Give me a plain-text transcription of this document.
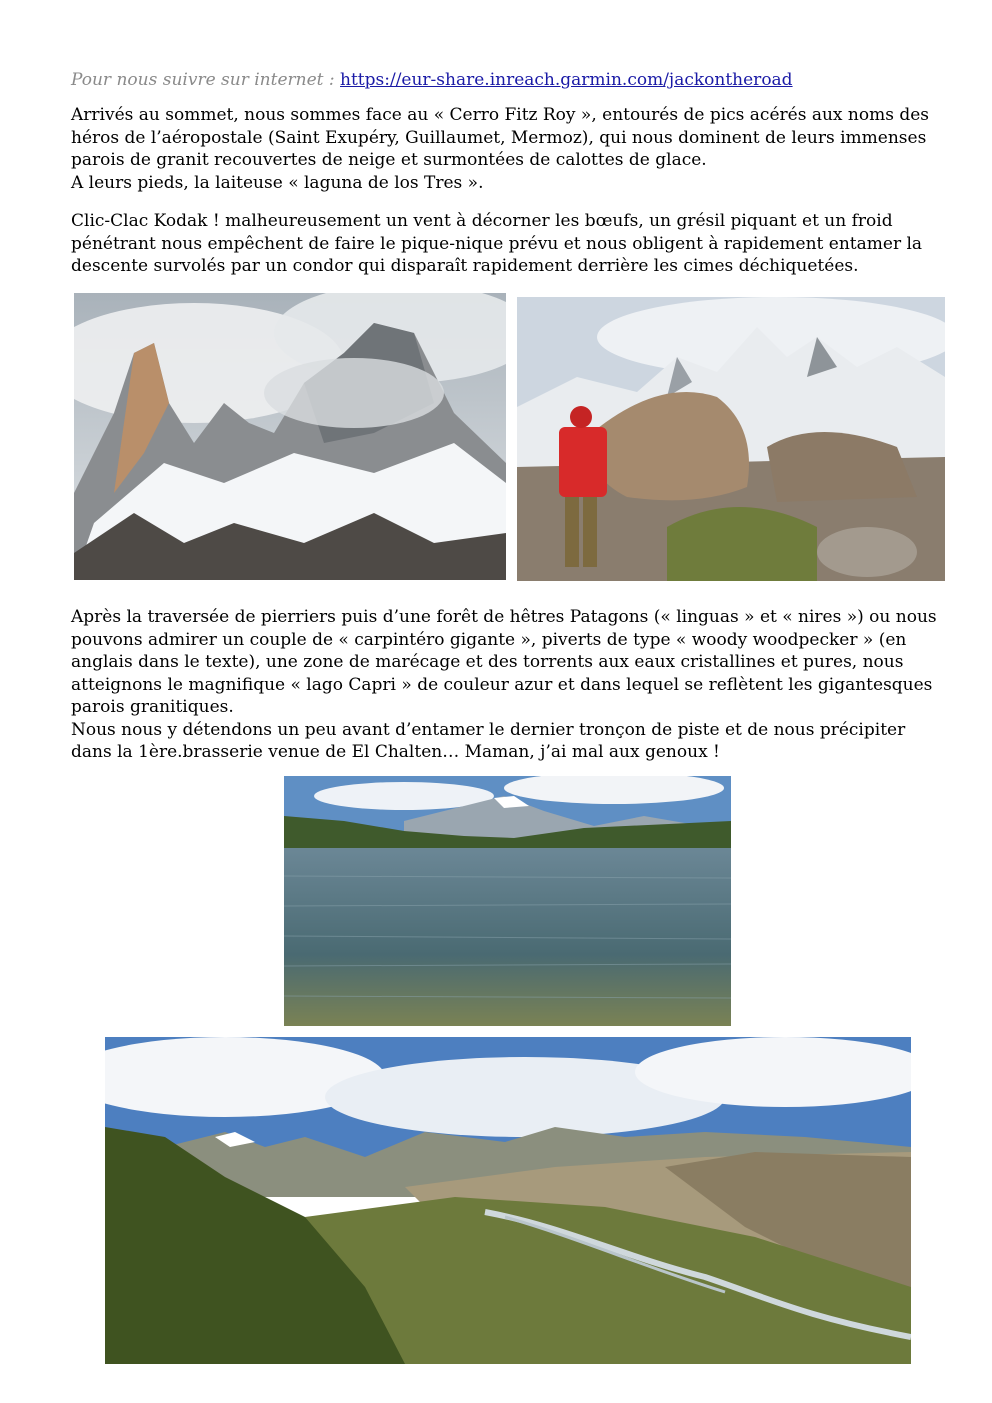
Pour nous suivre sur internet : https://eur-share.inreach.garmin.com/jackontheroad

Arrivés au sommet, nous sommes face au « Cerro Fitz Roy », entourés de pics acérés aux noms des héros de l’aéropostale (Saint Exupéry, Guillaumet, Mermoz), qui nous dominent de leurs immenses parois de granit recouvertes de neige et surmontées de calottes de glace.

A leurs pieds, la laiteuse « laguna de los Tres ».

Clic-Clac Kodak ! malheureusement un vent à décorner les bœufs, un grésil piquant et un froid pénétrant nous empêchent de faire le pique-nique prévu et nous obligent à rapidement entamer la descente survolés par un condor qui disparaît rapidement derrière les cimes déchiquetées.

Après la traversée de pierriers puis d’une forêt de hêtres Patagons (« linguas » et « nires ») ou nous pouvons admirer un couple de « carpintéro gigante », piverts de type « woody woodpecker » (en anglais dans le texte), une zone de marécage et des torrents aux eaux cristallines et pures, nous atteignons le magnifique « lago Capri » de couleur azur et dans lequel se reflètent les gigantesques parois granitiques.

Nous nous y détendons un peu avant d’entamer le dernier tronçon de piste et de nous précipiter dans la 1ère.brasserie venue de El Chalten… Maman, j’ai mal aux genoux !
